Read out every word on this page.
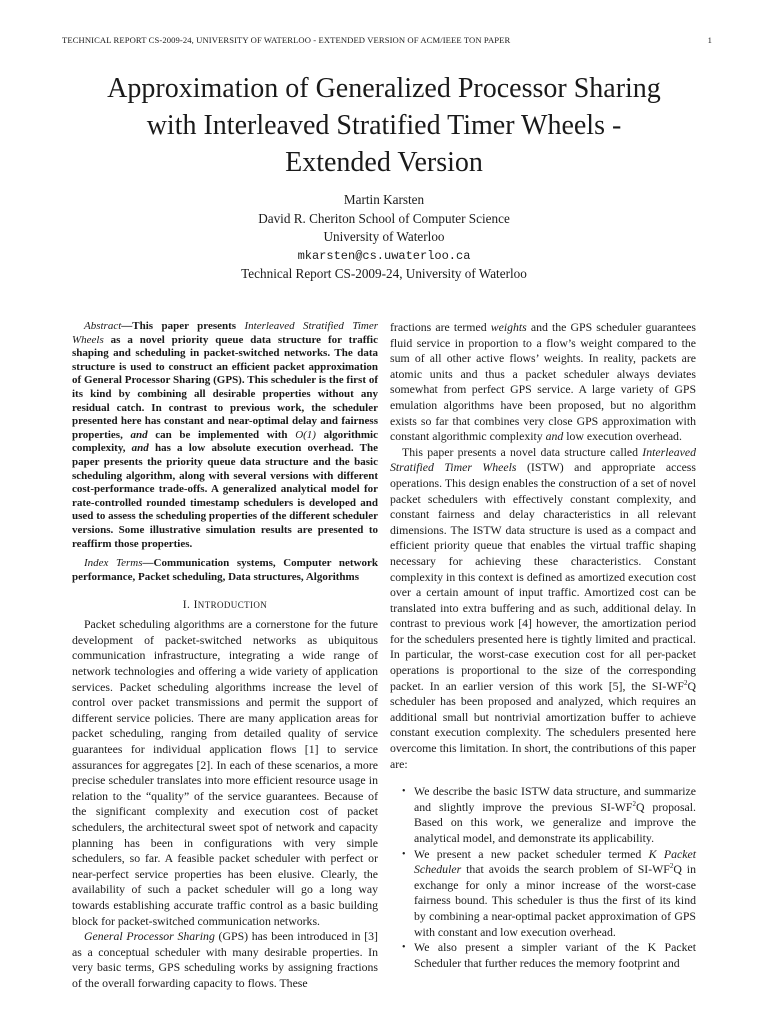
TECHNICAL REPORT CS-2009-24, UNIVERSITY OF WATERLOO - EXTENDED VERSION OF ACM/IEEE TON PAPER	1
Approximation of Generalized Processor Sharing
with Interleaved Stratified Timer Wheels -
Extended Version
Martin Karsten
David R. Cheriton School of Computer Science
University of Waterloo
mkarsten@cs.uwaterloo.ca
Technical Report CS-2009-24, University of Waterloo

Abstract—This paper presents Interleaved Stratified Timer Wheels as a novel priority queue data structure for traffic shaping and scheduling in packet-switched networks. The data structure is used to construct an efficient packet approximation of General Processor Sharing (GPS). This scheduler is the first of its kind by combining all desirable properties without any residual catch. In contrast to previous work, the scheduler presented here has constant and near-optimal delay and fairness properties, and can be implemented with O(1) algorithmic complexity, and has a low absolute execution overhead. The paper presents the priority queue data structure and the basic scheduling algorithm, along with several versions with different cost-performance trade-offs. A generalized analytical model for rate-controlled rounded timestamp schedulers is developed and used to assess the scheduling properties of the different scheduler versions. Some illustrative simulation results are presented to reaffirm those properties.

Index Terms—Communication systems, Computer network performance, Packet scheduling, Data structures, Algorithms

I. INTRODUCTION

Packet scheduling algorithms are a cornerstone for the future development of packet-switched networks as ubiquitous communication infrastructure, integrating a wide range of network technologies and offering a wide variety of application services. Packet scheduling algorithms increase the level of control over packet transmissions and permit the support of different service policies. There are many application areas for packet scheduling, ranging from detailed quality of service guarantees for individual application flows [1] to service assurances for aggregates [2]. In each of these scenarios, a more precise scheduler translates into more efficient resource usage in relation to the “quality” of the service guarantees. Because of the significant complexity and execution cost of packet schedulers, the architectural sweet spot of network and capacity planning has been in configurations with very simple schedulers, so far. A feasible packet scheduler with perfect or near-perfect service properties has been elusive. Clearly, the availability of such a packet scheduler will go a long way towards establishing accurate traffic control as a basic building block for packet-switched communication networks.

General Processor Sharing (GPS) has been introduced in [3] as a conceptual scheduler with many desirable properties. In very basic terms, GPS scheduling works by assigning fractions of the overall forwarding capacity to flows. These

fractions are termed weights and the GPS scheduler guarantees fluid service in proportion to a flow’s weight compared to the sum of all other active flows’ weights. In reality, packets are atomic units and thus a packet scheduler always deviates somewhat from perfect GPS service. A large variety of GPS emulation algorithms have been proposed, but no algorithm exists so far that combines very close GPS approximation with constant algorithmic complexity and low execution overhead.

This paper presents a novel data structure called Interleaved Stratified Timer Wheels (ISTW) and appropriate access operations. This design enables the construction of a set of novel packet schedulers with effectively constant complexity, and constant fairness and delay characteristics in all relevant dimensions. The ISTW data structure is used as a compact and efficient priority queue that enables the virtual traffic shaping necessary for achieving these characteristics. Constant complexity in this context is defined as amortized execution cost over a certain amount of input traffic. Amortized cost can be translated into extra buffering and as such, additional delay. In contrast to previous work [4] however, the amortization period for the schedulers presented here is tightly limited and practical. In particular, the worst-case execution cost for all per-packet operations is proportional to the size of the corresponding packet. In an earlier version of this work [5], the $SI-WF^2Q$ scheduler has been proposed and analyzed, which requires an additional small but nontrivial amortization buffer to achieve constant execution complexity. The schedulers presented here overcome this limitation. In short, the contributions of this paper are:

• We describe the basic ISTW data structure, and summarize and slightly improve the previous $SI-WF^2Q$ proposal. Based on this work, we generalize and improve the analytical model, and demonstrate its applicability.
• We present a new packet scheduler termed K Packet Scheduler that avoids the search problem of $SI-WF^2Q$ in exchange for only a minor increase of the worst-case fairness bound. This scheduler is thus the first of its kind by combining a near-optimal packet approximation of GPS with constant and low execution overhead.
• We also present a simpler variant of the K Packet Scheduler that further reduces the memory footprint and
